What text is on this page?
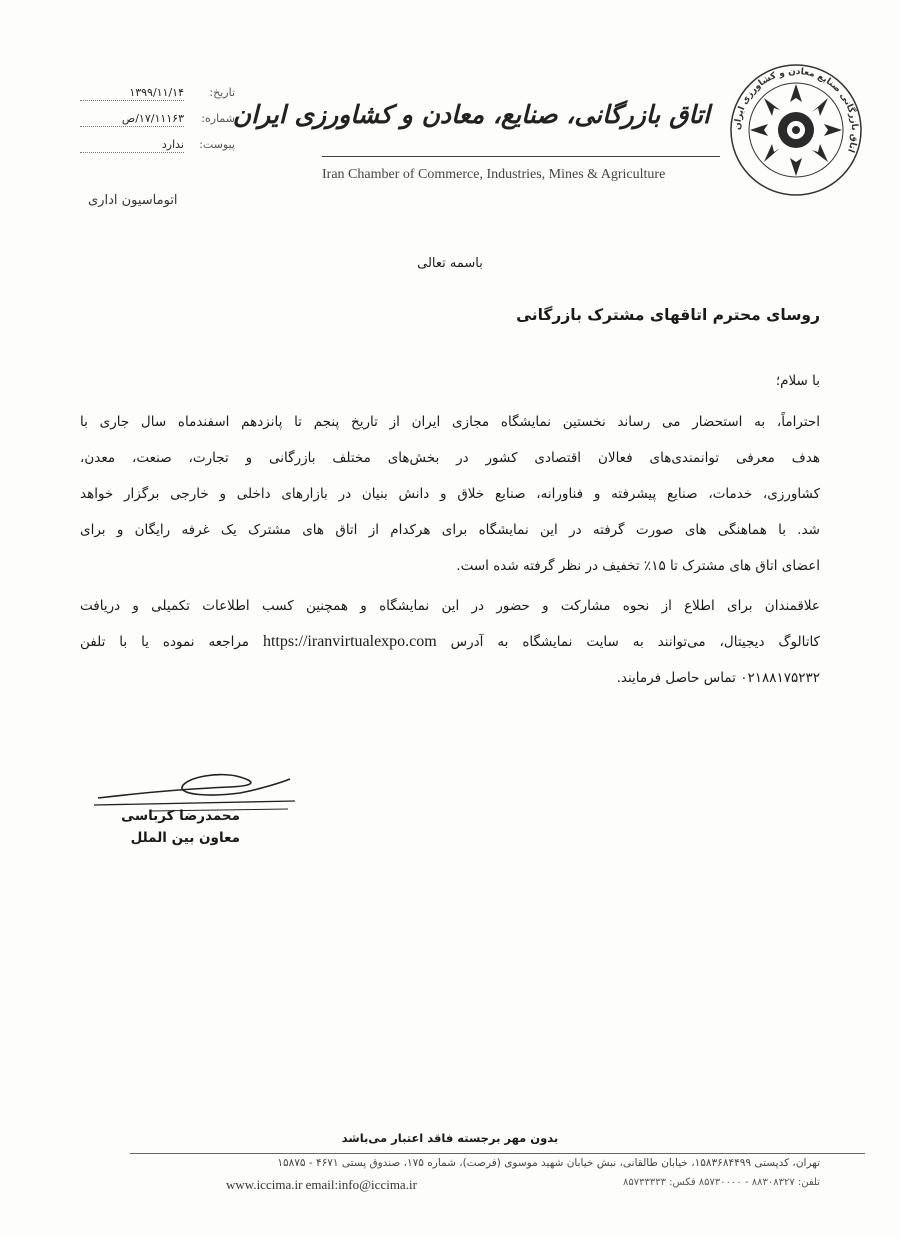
۱۳۹۹/۱۱/۱۴ تاریخ:
۱۷/۱۱۱۶۳/ص شماره:
ندارد پیوست:
اتوماسیون اداری
اتاق بازرگانی، صنایع، معادن و کشاورزی ایران
Iran Chamber of Commerce, Industries, Mines & Agriculture
اتاق بازرگانی صنایع معادن و کشاورزی ایران
باسمه تعالی
روسای محترم اتاقهای مشترک بازرگانی
با سلام؛
احتراماً، به استحضار می رساند نخستین نمایشگاه مجازی ایران از تاریخ پنجم تا پانزدهم اسفندماه سال جاری با
هدف معرفی توانمندی‌های فعالان اقتصادی کشور در بخش‌های مختلف بازرگانی و تجارت، صنعت، معدن،
کشاورزی، خدمات، صنایع پیشرفته و فناورانه، صنایع خلاق و دانش بنیان در بازارهای داخلی و خارجی برگزار خواهد
شد. با هماهنگی های صورت گرفته در این نمایشگاه برای هرکدام از اتاق های مشترک یک غرفه رایگان و برای
اعضای اتاق های مشترک تا ۱۵٪ تخفیف در نظر گرفته شده است.
علاقمندان برای اطلاع از نحوه مشارکت و حضور در این نمایشگاه و همچنین کسب اطلاعات تکمیلی و دریافت
کاتالوگ دیجیتال، می‌توانند به سایت نمایشگاه به آدرس https://iranvirtualexpo.com مراجعه نموده یا با تلفن
۰۲۱۸۸۱۷۵۲۳۲ تماس حاصل فرمایند.
محمدرضا کرباسی
معاون بین الملل
بدون مهر برجسته فاقد اعتبار می‌باشد
تهران، کدپستی ۱۵۸۳۶۸۴۴۹۹، خیابان طالقانی، نبش خیابان شهید موسوی (فرصت)، شماره ۱۷۵، صندوق پستی ۴۶۷۱ - ۱۵۸۷۵
تلفن: ۸۸۳۰۸۳۲۷ - ۸۵۷۳۰۰۰۰ فکس: ۸۵۷۳۳۳۳۳
www.iccima.ir email:info@iccima.ir
